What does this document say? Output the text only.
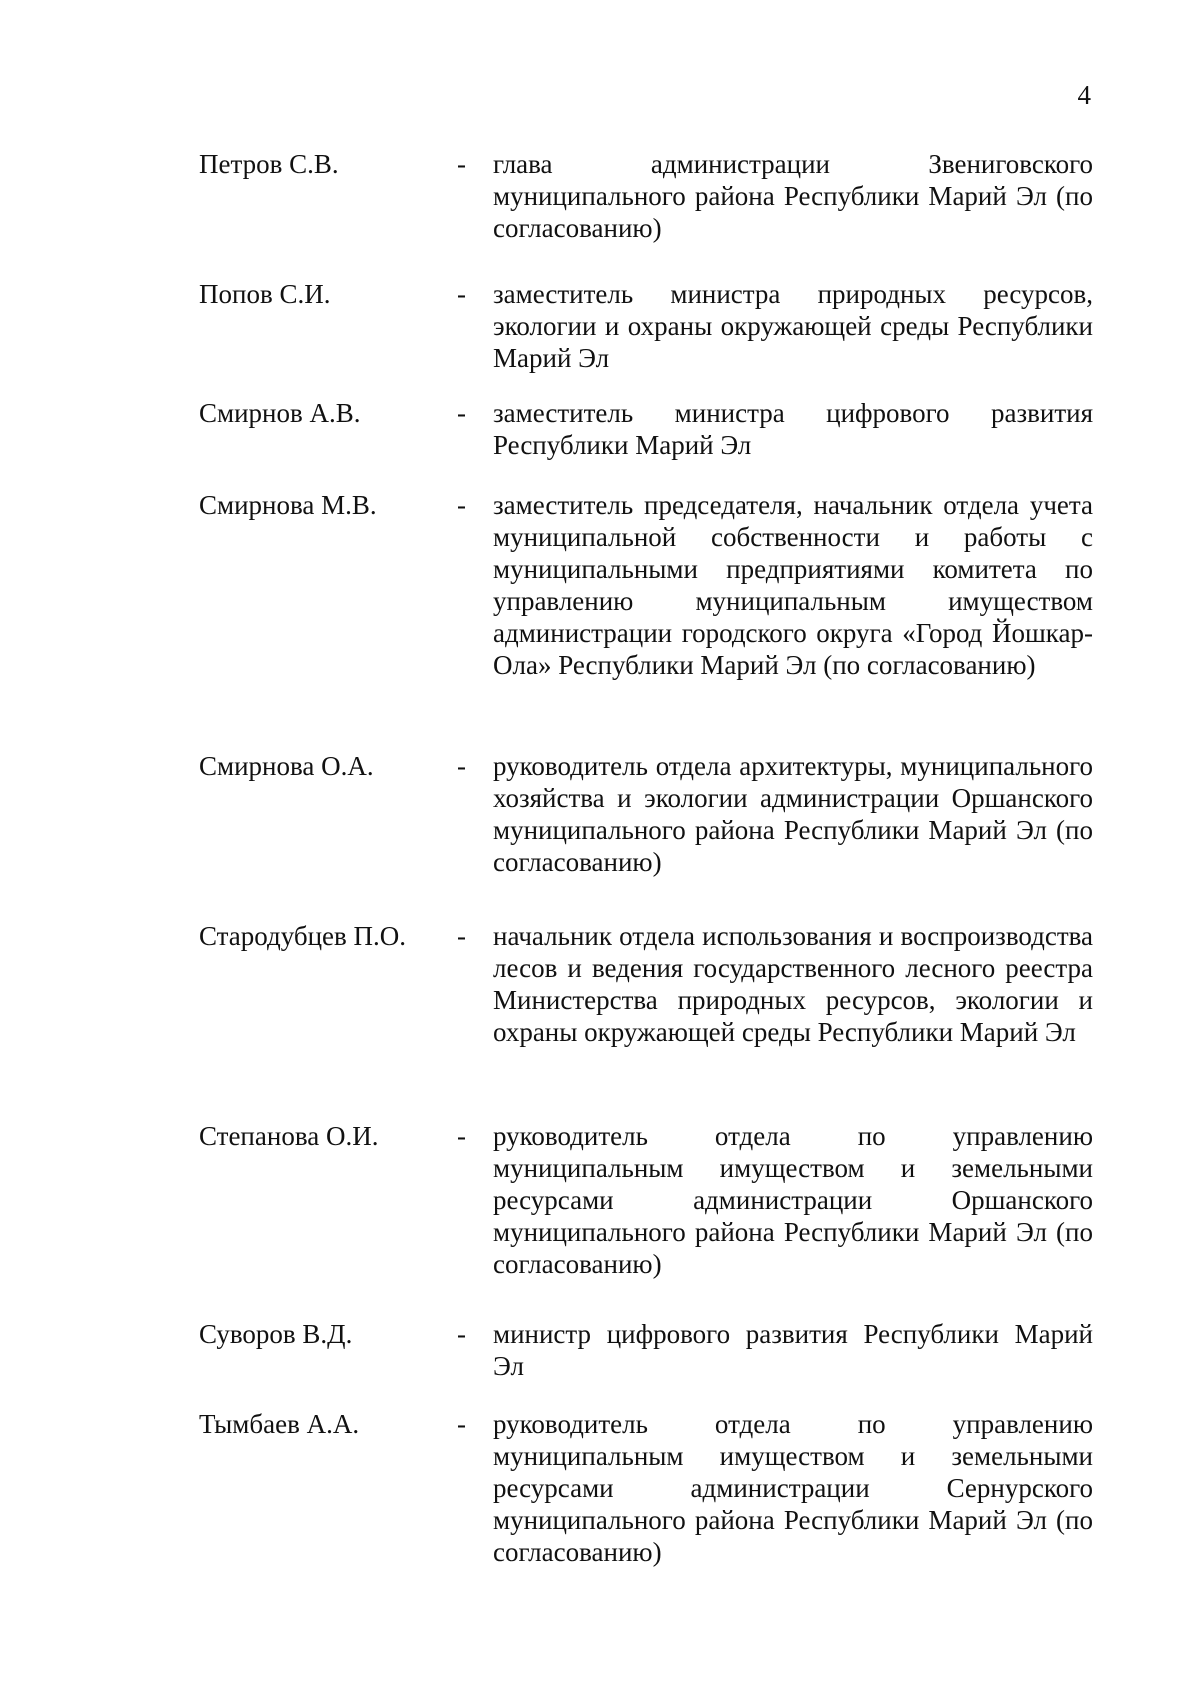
4
Петров С.В.	-	глава администрации Звениговского муниципального района Республики Марий Эл (по согласованию)
Попов С.И.	-	заместитель министра природных ресурсов, экологии и охраны окружающей среды Республики Марий Эл
Смирнов А.В.	-	заместитель министра цифрового развития Республики Марий Эл
Смирнова М.В.	-	заместитель председателя, начальник отдела учета муниципальной собственности и работы с муниципальными предприятиями комитета по управлению муниципальным имуществом администрации городского округа «Город Йошкар-Ола» Республики Марий Эл (по согласованию)
Смирнова О.А.	-	руководитель отдела архитектуры, муниципального хозяйства и экологии администрации Оршанского муниципального района Республики Марий Эл (по согласованию)
Стародубцев П.О.	-	начальник отдела использования и воспроизводства лесов и ведения государственного лесного реестра Министерства природных ресурсов, экологии и охраны окружающей среды Республики Марий Эл
Степанова О.И.	-	руководитель отдела по управлению муниципальным имуществом и земельными ресурсами администрации Оршанского муниципального района Республики Марий Эл (по согласованию)
Суворов В.Д.	-	министр цифрового развития Республики Марий Эл
Тымбаев А.А.	-	руководитель отдела по управлению муниципальным имуществом и земельными ресурсами администрации Сернурского муниципального района Республики Марий Эл (по согласованию)
